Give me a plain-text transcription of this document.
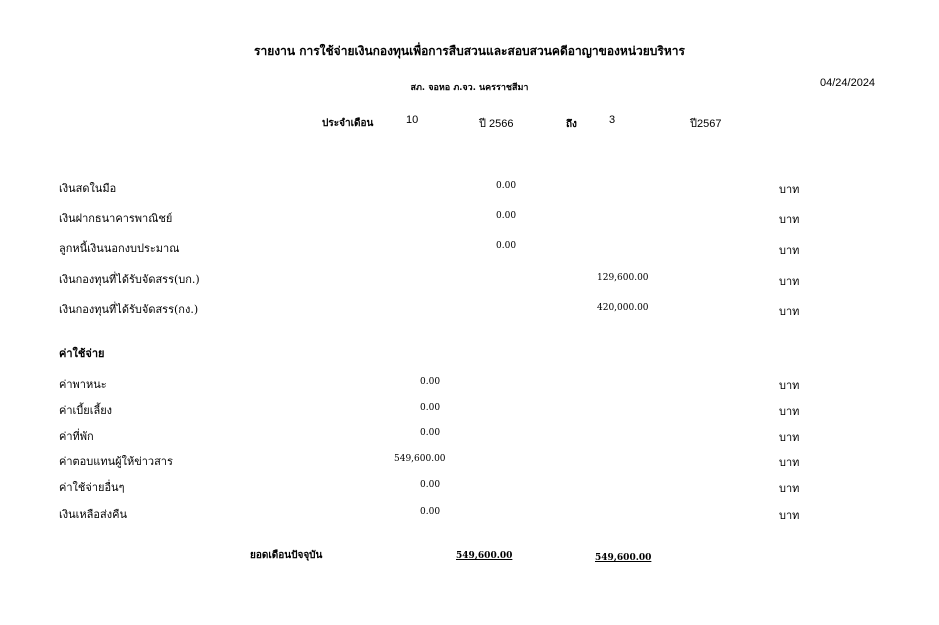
รายงาน การใช้จ่ายเงินกองทุนเพื่อการสืบสวนและสอบสวนคดีอาญาของหน่วยบริหาร
สภ. จอหอ ภ.จว. นครราชสีมา	04/24/2024
ประจำเดือน	10	ปี 2566	ถึง	3	ปี2567
เงินสดในมือ	0.00	บาท
เงินฝากธนาคารพาณิชย์	0.00	บาท
ลูกหนี้เงินนอกงบประมาณ	0.00	บาท
เงินกองทุนที่ได้รับจัดสรร(บก.)	129,600.00	บาท
เงินกองทุนที่ได้รับจัดสรร(กง.)	420,000.00	บาท
ค่าใช้จ่าย
ค่าพาหนะ	0.00	บาท
ค่าเบี้ยเลี้ยง	0.00	บาท
ค่าที่พัก	0.00	บาท
ค่าตอบแทนผู้ให้ข่าวสาร	549,600.00	บาท
ค่าใช้จ่ายอื่นๆ	0.00	บาท
เงินเหลือส่งคืน	0.00	บาท
ยอดเดือนปัจจุบัน	549,600.00	549,600.00
